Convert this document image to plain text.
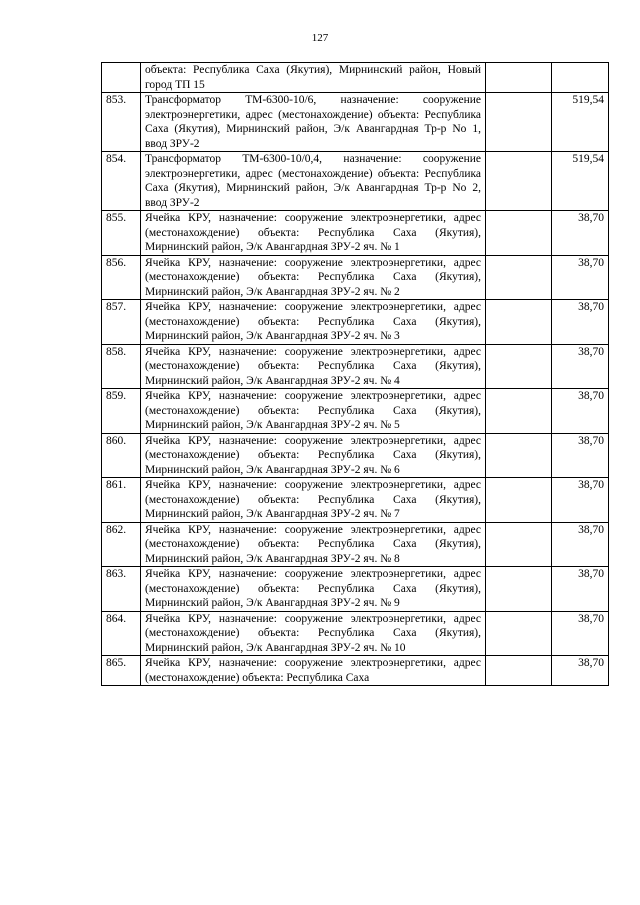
127
	объекта: Республика Саха (Якутия), Мирнинский район, Новый город ТП 15		
853.	Трансформатор ТМ-6300-10/6, назначение: сооружение электроэнергетики, адрес (местонахождение) объекта: Республика Саха (Якутия), Мирнинский район, Э/к Авангардная Тр-р No 1, ввод ЗРУ-2		519,54
854.	Трансформатор ТМ-6300-10/0,4, назначение: сооружение электроэнергетики, адрес (местонахождение) объекта: Республика Саха (Якутия), Мирнинский район, Э/к Авангардная Тр-р No 2, ввод ЗРУ-2		519,54
855.	Ячейка КРУ, назначение: сооружение электроэнергетики, адрес (местонахождение) объекта: Республика Саха (Якутия), Мирнинский район, Э/к Авангардная ЗРУ-2 яч. № 1		38,70
856.	Ячейка КРУ, назначение: сооружение электроэнергетики, адрес (местонахождение) объекта: Республика Саха (Якутия), Мирнинский район, Э/к Авангардная ЗРУ-2 яч. № 2		38,70
857.	Ячейка КРУ, назначение: сооружение электроэнергетики, адрес (местонахождение) объекта: Республика Саха (Якутия), Мирнинский район, Э/к Авангардная ЗРУ-2 яч. № 3		38,70
858.	Ячейка КРУ, назначение: сооружение электроэнергетики, адрес (местонахождение) объекта: Республика Саха (Якутия), Мирнинский район, Э/к Авангардная ЗРУ-2 яч. № 4		38,70
859.	Ячейка КРУ, назначение: сооружение электроэнергетики, адрес (местонахождение) объекта: Республика Саха (Якутия), Мирнинский район, Э/к Авангардная ЗРУ-2 яч. № 5		38,70
860.	Ячейка КРУ, назначение: сооружение электроэнергетики, адрес (местонахождение) объекта: Республика Саха (Якутия), Мирнинский район, Э/к Авангардная ЗРУ-2 яч. № 6		38,70
861.	Ячейка КРУ, назначение: сооружение электроэнергетики, адрес (местонахождение) объекта: Республика Саха (Якутия), Мирнинский район, Э/к Авангардная ЗРУ-2 яч. № 7		38,70
862.	Ячейка КРУ, назначение: сооружение электроэнергетики, адрес (местонахождение) объекта: Республика Саха (Якутия), Мирнинский район, Э/к Авангардная ЗРУ-2 яч. № 8		38,70
863.	Ячейка КРУ, назначение: сооружение электроэнергетики, адрес (местонахождение) объекта: Республика Саха (Якутия), Мирнинский район, Э/к Авангардная ЗРУ-2 яч. № 9		38,70
864.	Ячейка КРУ, назначение: сооружение электроэнергетики, адрес (местонахождение) объекта: Республика Саха (Якутия), Мирнинский район, Э/к Авангардная ЗРУ-2 яч. № 10		38,70
865.	Ячейка КРУ, назначение: сооружение электроэнергетики, адрес (местонахождение) объекта: Республика Саха		38,70
